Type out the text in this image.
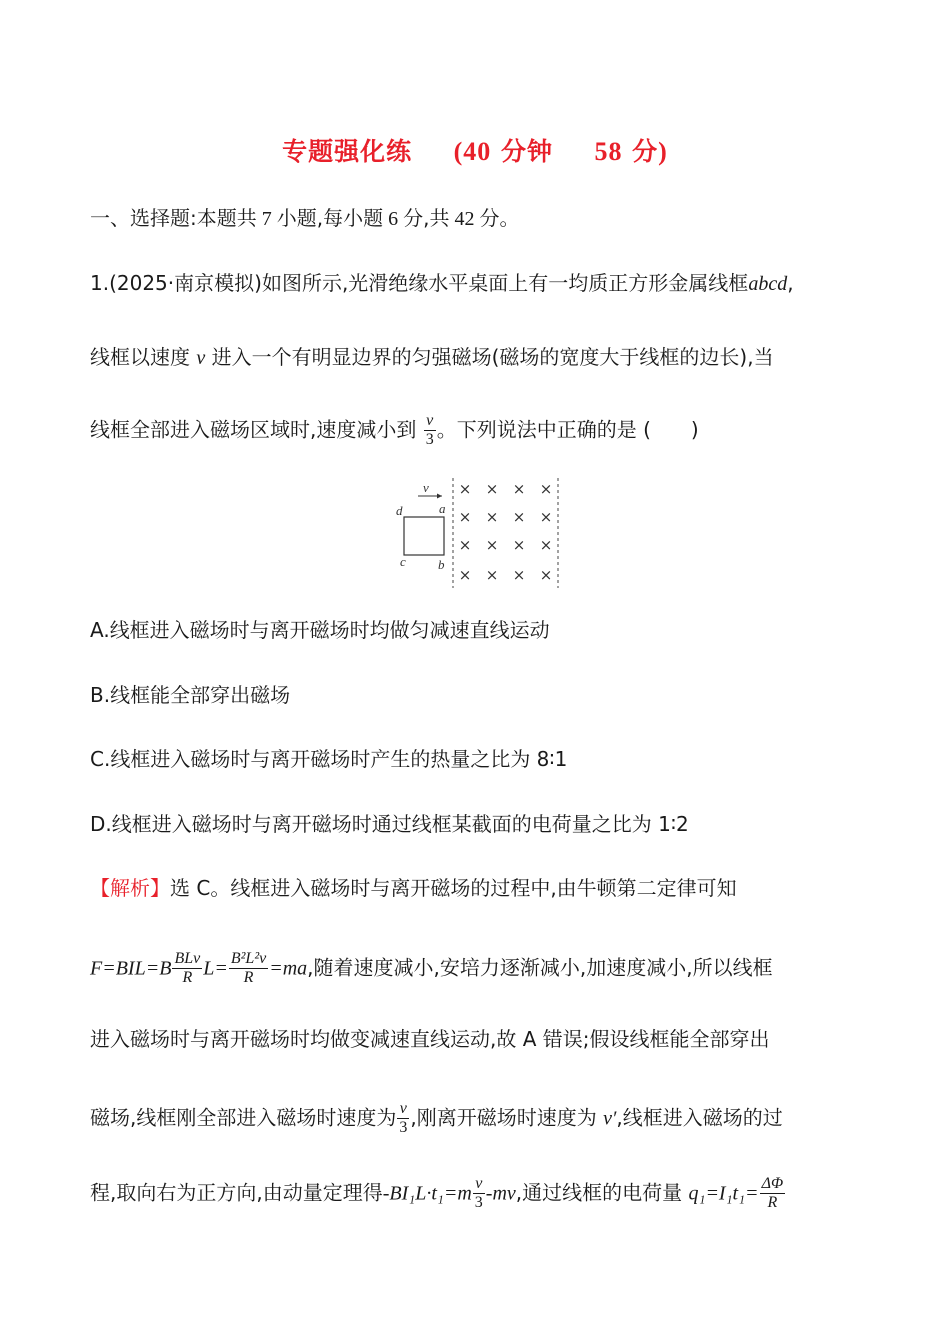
专题强化练 (40 分钟 58 分)
一、选择题:本题共 7 小题,每小题 6 分,共 42 分。
1.(2025·南京模拟)如图所示,光滑绝缘水平桌面上有一均质正方形金属线框abcd,
线框以速度 v 进入一个有明显边界的匀强磁场(磁场的宽度大于线框的边长),当
线框全部进入磁场区域时,速度减小到 $\frac{v}{3}$ 。下列说法中正确的是 (　　)
v
d	a
c b
× × × ×
× × × ×
× × × ×
× × × ×
A.线框进入磁场时与离开磁场时均做匀减速直线运动
B.线框能全部穿出磁场
C.线框进入磁场时与离开磁场时产生的热量之比为 8∶1
D.线框进入磁场时与离开磁场时通过线框某截面的电荷量之比为 1∶2
【解析】选 C。线框进入磁场时与离开磁场的过程中,由牛顿第二定律可知
$F=BIL=B \frac{\text{BLv}}{R} L= \frac{\text{B²L²v}}{R} =ma$,随着速度减小,安培力逐渐减小,加速度减小,所以线框
进入磁场时与离开磁场时均做变减速直线运动,故 A 错误;假设线框能全部穿出
磁场,线框刚全部进入磁场时速度为 $\frac{v}{3}$ ,刚离开磁场时速度为 v′,线框进入磁场的过
程,取向右为正方向,由动量定理得$-BI_1L\cdot t_1=m \frac{v}{3} -mv$,通过线框的电荷量 $q_1=I_1t_1= \frac{\Delta\Phi}{R}$
